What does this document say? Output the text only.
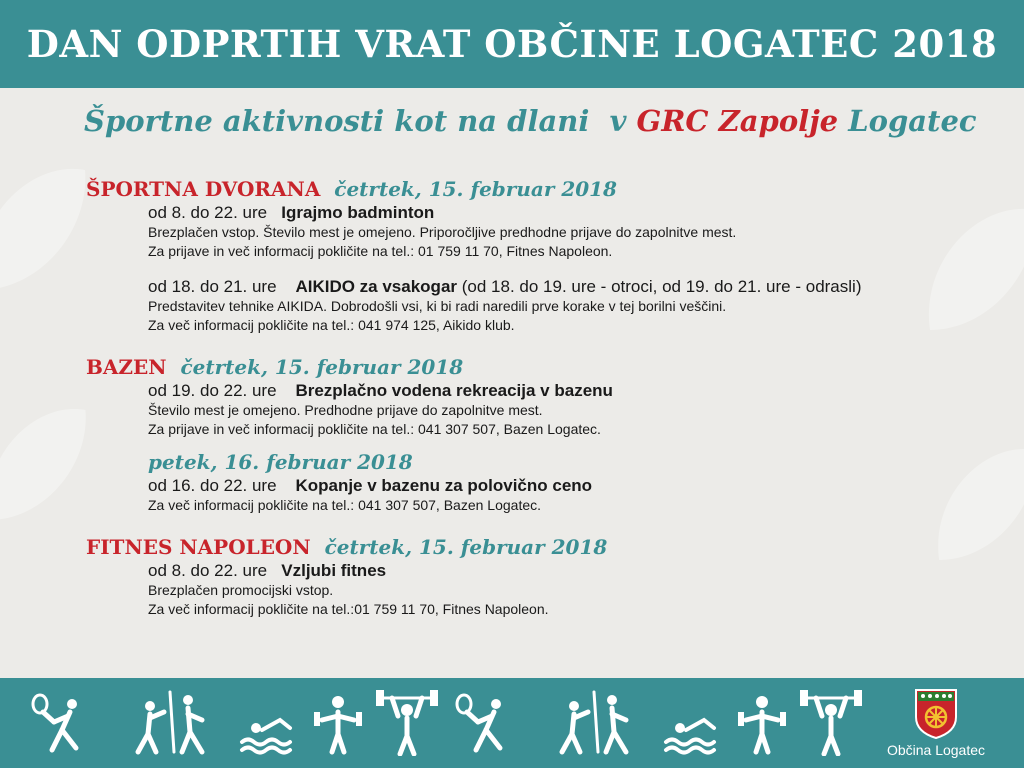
DAN ODPRTIH VRAT OBČINE LOGATEC 2018
Športne aktivnosti kot na dlani v GRC Zapolje Logatec
ŠPORTNA DVORANA četrtek, 15. februar 2018
od 8. do 22. ure Igrajmo badminton
Brezplačen vstop. Število mest je omejeno. Priporočljive predhodne prijave do zapolnitve mest.
Za prijave in več informacij pokličite na tel.: 01 759 11 70, Fitnes Napoleon.
od 18. do 21. ure AIKIDO za vsakogar (od 18. do 19. ure - otroci, od 19. do 21. ure - odrasli)
Predstavitev tehnike AIKIDA. Dobrodošli vsi, ki bi radi naredili prve korake v tej borilni veščini.
Za več informacij pokličite na tel.: 041 974 125, Aikido klub.
BAZEN četrtek, 15. februar 2018
od 19. do 22. ure Brezplačno vodena rekreacija v bazenu
Število mest je omejeno. Predhodne prijave do zapolnitve mest.
Za prijave in več informacij pokličite na tel.: 041 307 507, Bazen Logatec.
petek, 16. februar 2018
od 16. do 22. ure Kopanje v bazenu za polovično ceno
Za več informacij pokličite na tel.: 041 307 507, Bazen Logatec.
FITNES NAPOLEON četrtek, 15. februar 2018
od 8. do 22. ure Vzljubi fitnes
Brezplačen promocijski vstop.
Za več informacij pokličite na tel.:01 759 11 70, Fitnes Napoleon.
Občina Logatec
